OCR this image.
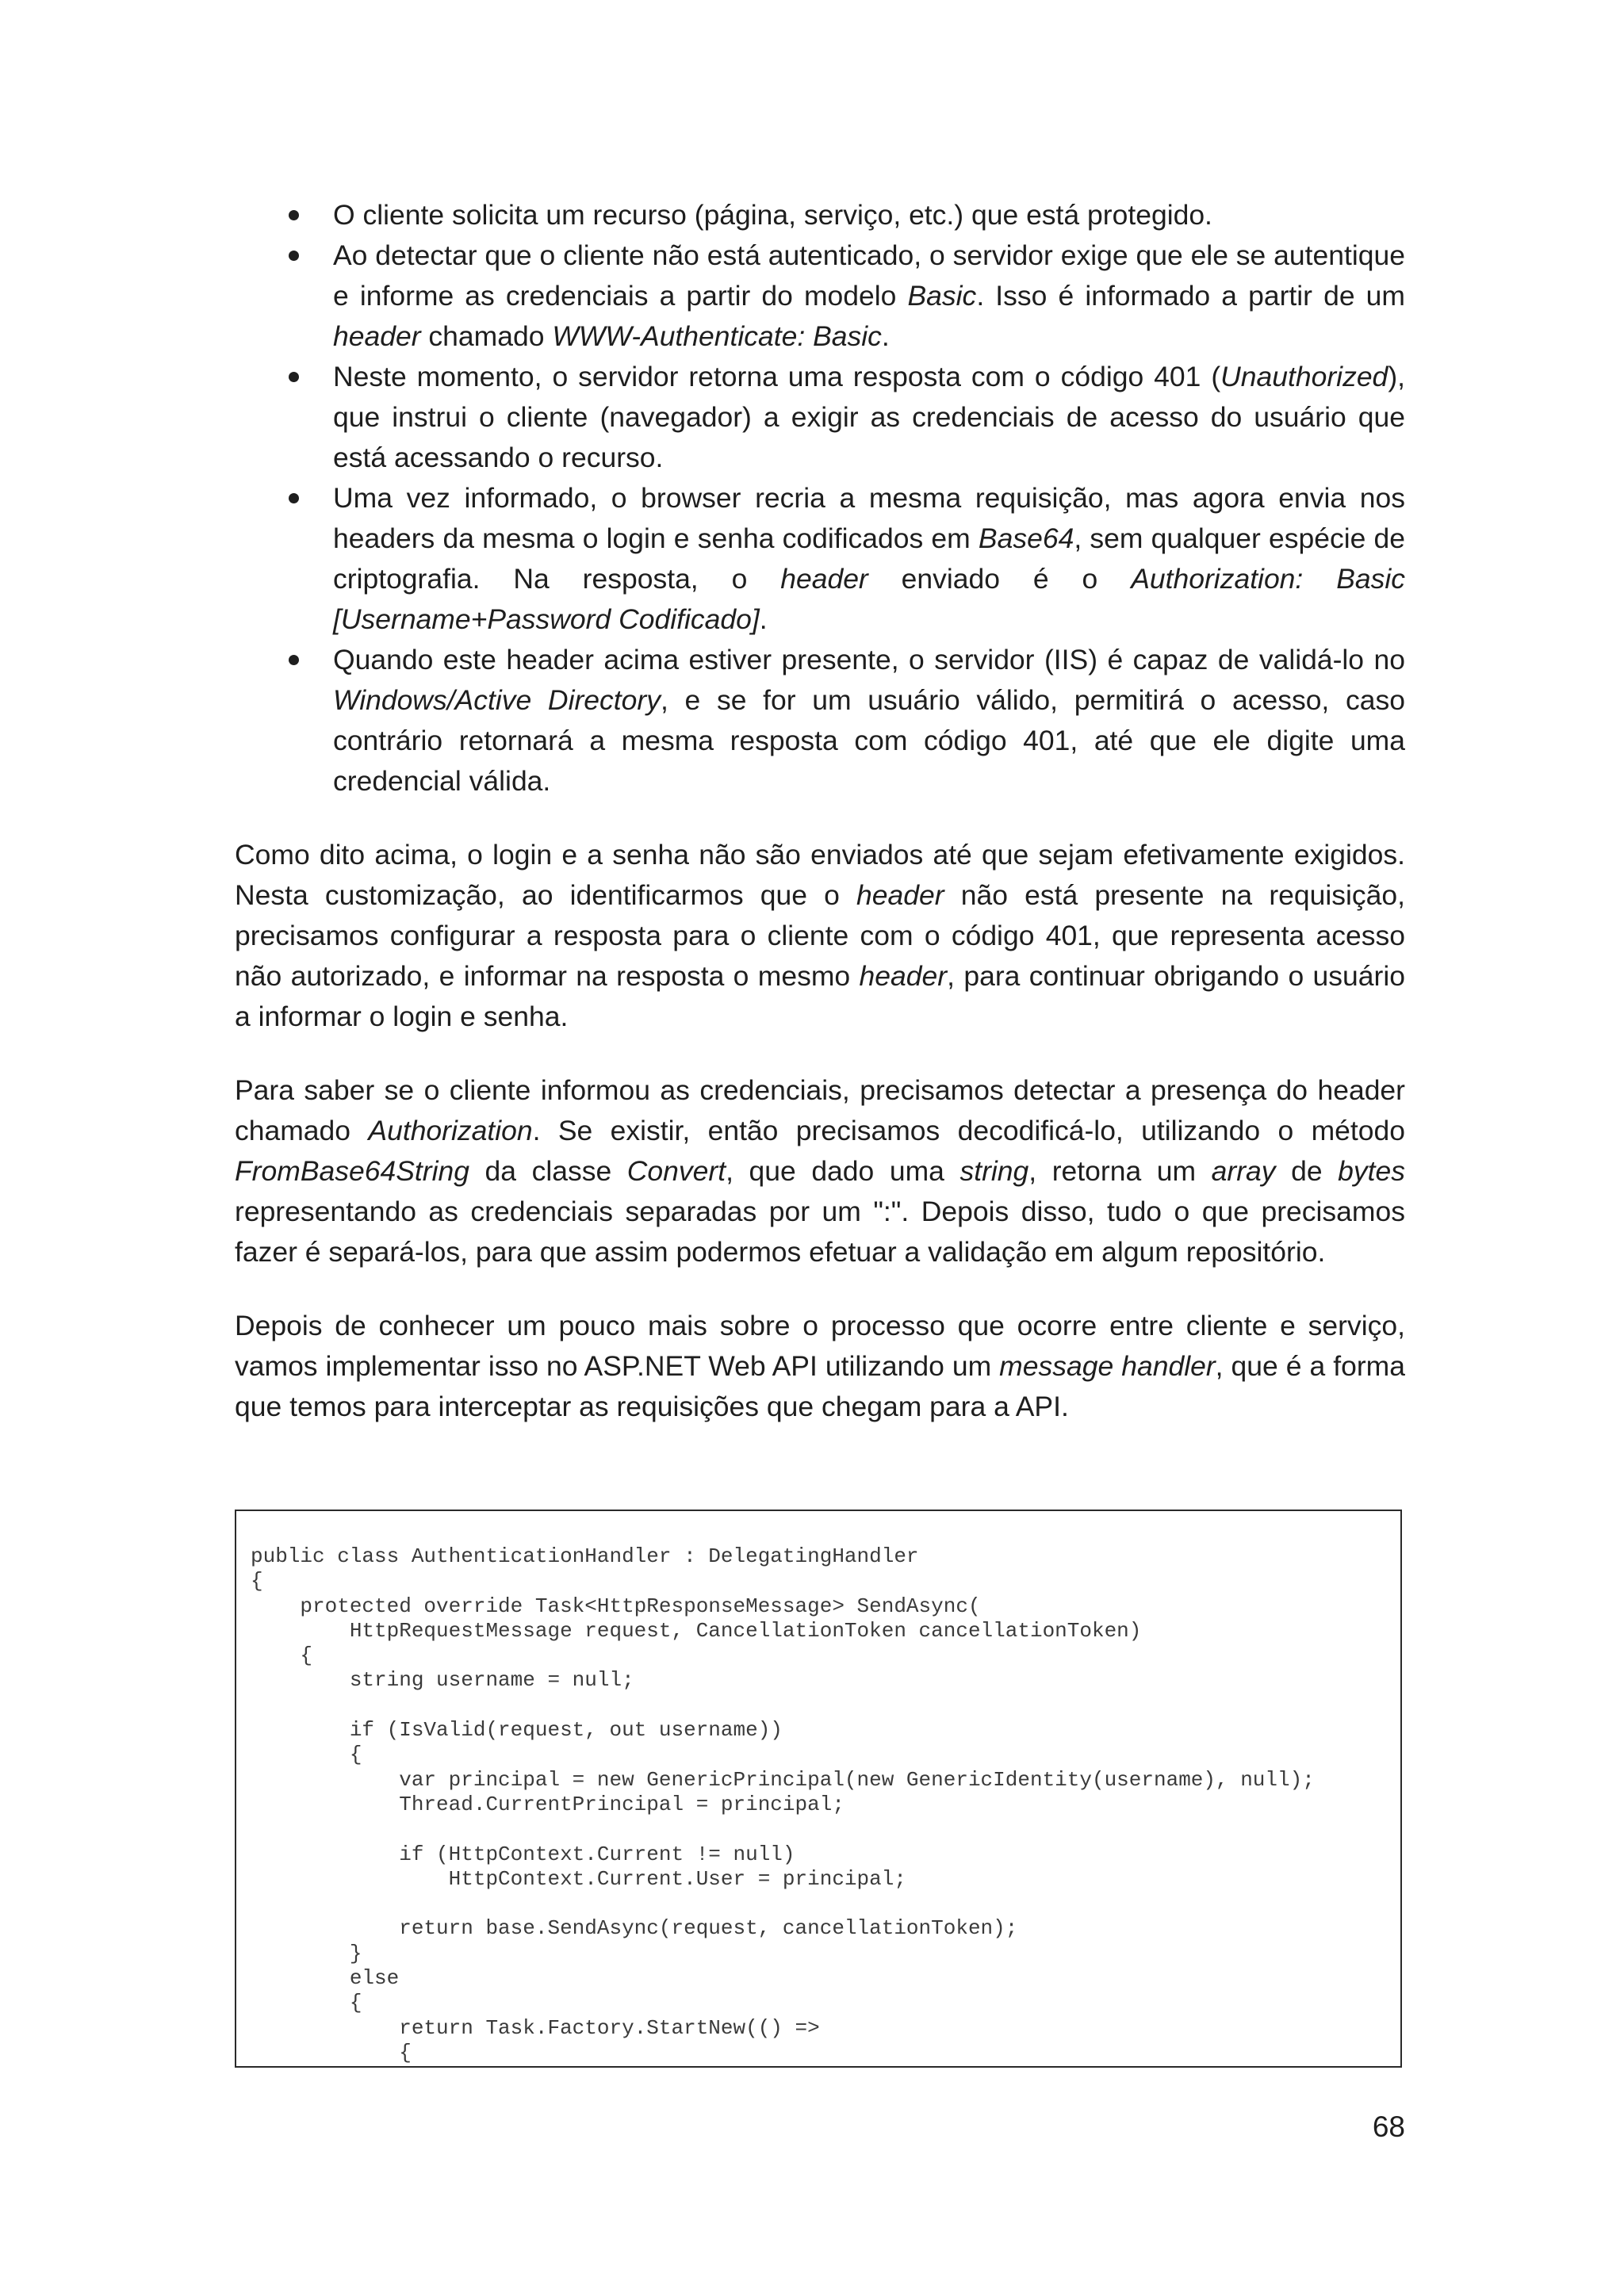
O cliente solicita um recurso (página, serviço, etc.) que está protegido.
Ao detectar que o cliente não está autenticado, o servidor exige que ele se autentique e informe as credenciais a partir do modelo Basic. Isso é informado a partir de um header chamado WWW-Authenticate: Basic.
Neste momento, o servidor retorna uma resposta com o código 401 (Unauthorized), que instrui o cliente (navegador) a exigir as credenciais de acesso do usuário que está acessando o recurso.
Uma vez informado, o browser recria a mesma requisição, mas agora envia nos headers da mesma o login e senha codificados em Base64, sem qualquer espécie de criptografia. Na resposta, o header enviado é o Authorization: Basic [Username+Password Codificado].
Quando este header acima estiver presente, o servidor (IIS) é capaz de validá-lo no Windows/Active Directory, e se for um usuário válido, permitirá o acesso, caso contrário retornará a mesma resposta com código 401, até que ele digite uma credencial válida.

Como dito acima, o login e a senha não são enviados até que sejam efetivamente exigidos. Nesta customização, ao identificarmos que o header não está presente na requisição, precisamos configurar a resposta para o cliente com o código 401, que representa acesso não autorizado, e informar na resposta o mesmo header, para continuar obrigando o usuário a informar o login e senha.

Para saber se o cliente informou as credenciais, precisamos detectar a presença do header chamado Authorization. Se existir, então precisamos decodificá-lo, utilizando o método FromBase64String da classe Convert, que dado uma string, retorna um array de bytes representando as credenciais separadas por um ":". Depois disso, tudo o que precisamos fazer é separá-los, para que assim podermos efetuar a validação em algum repositório.

Depois de conhecer um pouco mais sobre o processo que ocorre entre cliente e serviço, vamos implementar isso no ASP.NET Web API utilizando um message handler, que é a forma que temos para interceptar as requisições que chegam para a API.

public class AuthenticationHandler : DelegatingHandler
{
protected override Task<HttpResponseMessage> SendAsync(
HttpRequestMessage request, CancellationToken cancellationToken)
{
string username = null;

if (IsValid(request, out username))
{
var principal = new GenericPrincipal(new GenericIdentity(username), null);
Thread.CurrentPrincipal = principal;

if (HttpContext.Current != null)
HttpContext.Current.User = principal;

return base.SendAsync(request, cancellationToken);
}
else
{
return Task.Factory.StartNew(() =>
{
68
